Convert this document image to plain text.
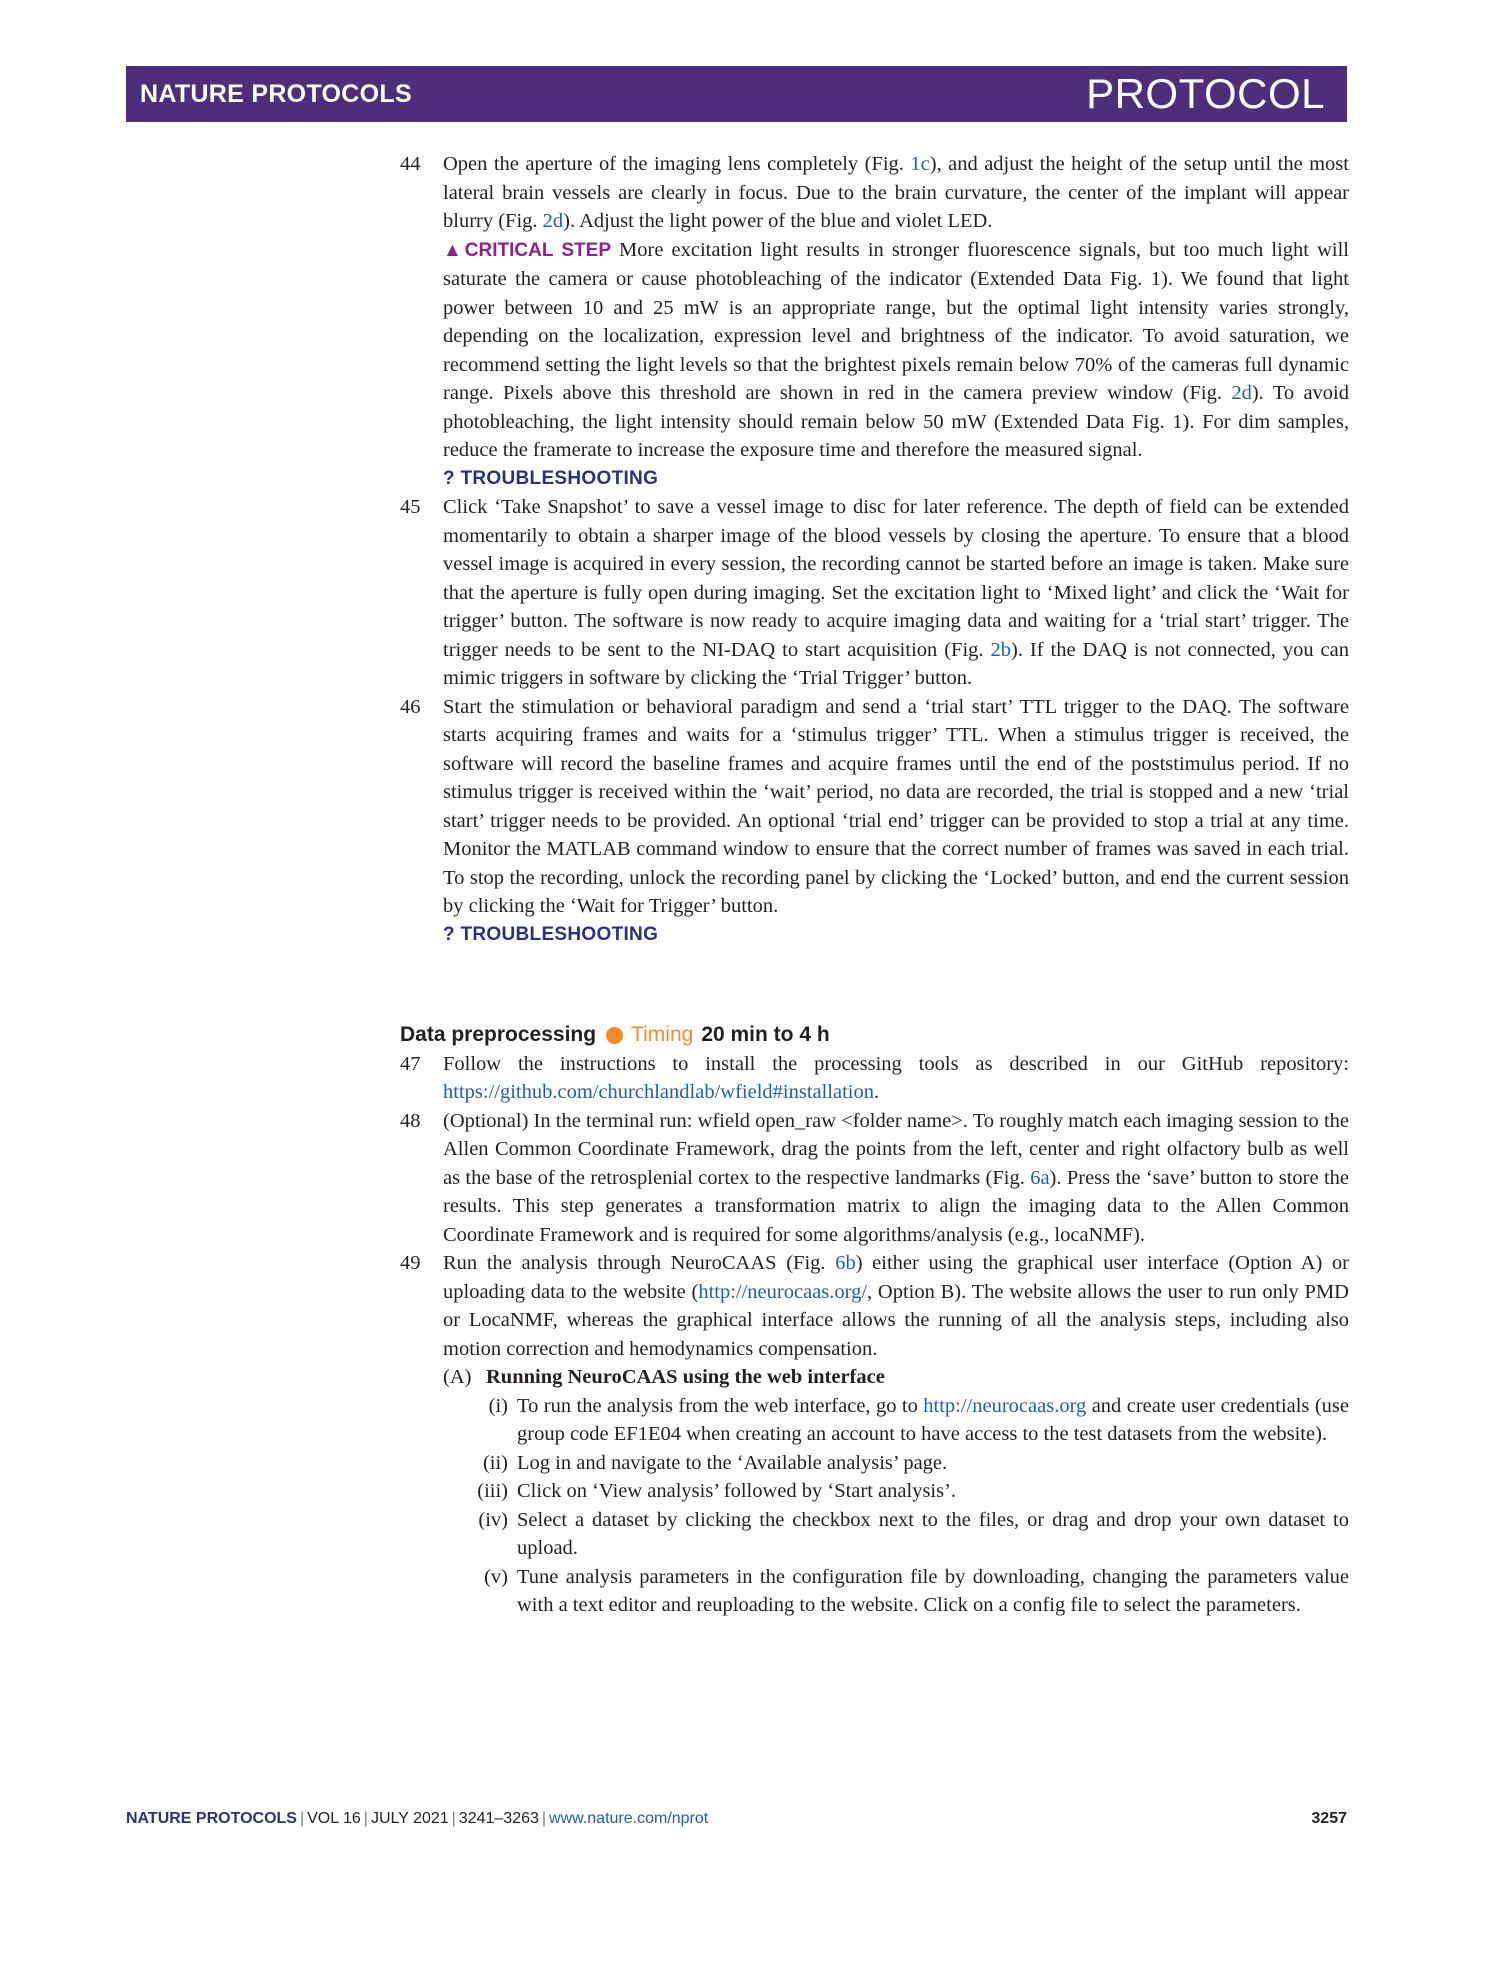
NATURE PROTOCOLS	PROTOCOL
44	Open the aperture of the imaging lens completely (Fig. 1c), and adjust the height of the setup until the most lateral brain vessels are clearly in focus. Due to the brain curvature, the center of the implant will appear blurry (Fig. 2d). Adjust the light power of the blue and violet LED.

▲CRITICAL STEP More excitation light results in stronger fluorescence signals, but too much light will saturate the camera or cause photobleaching of the indicator (Extended Data Fig. 1). We found that light power between 10 and 25 mW is an appropriate range, but the optimal light intensity varies strongly, depending on the localization, expression level and brightness of the indicator. To avoid saturation, we recommend setting the light levels so that the brightest pixels remain below 70% of the cameras full dynamic range. Pixels above this threshold are shown in red in the camera preview window (Fig. 2d). To avoid photobleaching, the light intensity should remain below 50 mW (Extended Data Fig. 1). For dim samples, reduce the framerate to increase the exposure time and therefore the measured signal.

? TROUBLESHOOTING

45	Click ‘Take Snapshot’ to save a vessel image to disc for later reference. The depth of field can be extended momentarily to obtain a sharper image of the blood vessels by closing the aperture. To ensure that a blood vessel image is acquired in every session, the recording cannot be started before an image is taken. Make sure that the aperture is fully open during imaging. Set the excitation light to ‘Mixed light’ and click the ‘Wait for trigger’ button. The software is now ready to acquire imaging data and waiting for a ‘trial start’ trigger. The trigger needs to be sent to the NI-DAQ to start acquisition (Fig. 2b). If the DAQ is not connected, you can mimic triggers in software by clicking the ‘Trial Trigger’ button.

46	Start the stimulation or behavioral paradigm and send a ‘trial start’ TTL trigger to the DAQ. The software starts acquiring frames and waits for a ‘stimulus trigger’ TTL. When a stimulus trigger is received, the software will record the baseline frames and acquire frames until the end of the poststimulus period. If no stimulus trigger is received within the ‘wait’ period, no data are recorded, the trial is stopped and a new ‘trial start’ trigger needs to be provided. An optional ‘trial end’ trigger can be provided to stop a trial at any time. Monitor the MATLAB command window to ensure that the correct number of frames was saved in each trial. To stop the recording, unlock the recording panel by clicking the ‘Locked’ button, and end the current session by clicking the ‘Wait for Trigger’ button.

? TROUBLESHOOTING

Data preprocessing Timing 20 min to 4 h
47	Follow the instructions to install the processing tools as described in our GitHub repository: https://github.com/churchlandlab/wfield#installation.

48	(Optional) In the terminal run: wfield open_raw <folder name>. To roughly match each imaging session to the Allen Common Coordinate Framework, drag the points from the left, center and right olfactory bulb as well as the base of the retrosplenial cortex to the respective landmarks (Fig. 6a). Press the ‘save’ button to store the results. This step generates a transformation matrix to align the imaging data to the Allen Common Coordinate Framework and is required for some algorithms/analysis (e.g., locaNMF).

49	Run the analysis through NeuroCAAS (Fig. 6b) either using the graphical user interface (Option A) or uploading data to the website (http://neurocaas.org/, Option B). The website allows the user to run only PMD or LocaNMF, whereas the graphical interface allows the running of all the analysis steps, including also motion correction and hemodynamics compensation.

(A) Running NeuroCAAS using the web interface

(i) To run the analysis from the web interface, go to http://neurocaas.org and create user credentials (use group code EF1E04 when creating an account to have access to the test datasets from the website).

(ii) Log in and navigate to the ‘Available analysis’ page.

(iii) Click on ‘View analysis’ followed by ‘Start analysis’.

(iv) Select a dataset by clicking the checkbox next to the files, or drag and drop your own dataset to upload.

(v) Tune analysis parameters in the configuration file by downloading, changing the parameters value with a text editor and reuploading to the website. Click on a config file to select the parameters.

NATURE PROTOCOLS | VOL 16 | JULY 2021 | 3241–3263 | www.nature.com/nprot	3257
